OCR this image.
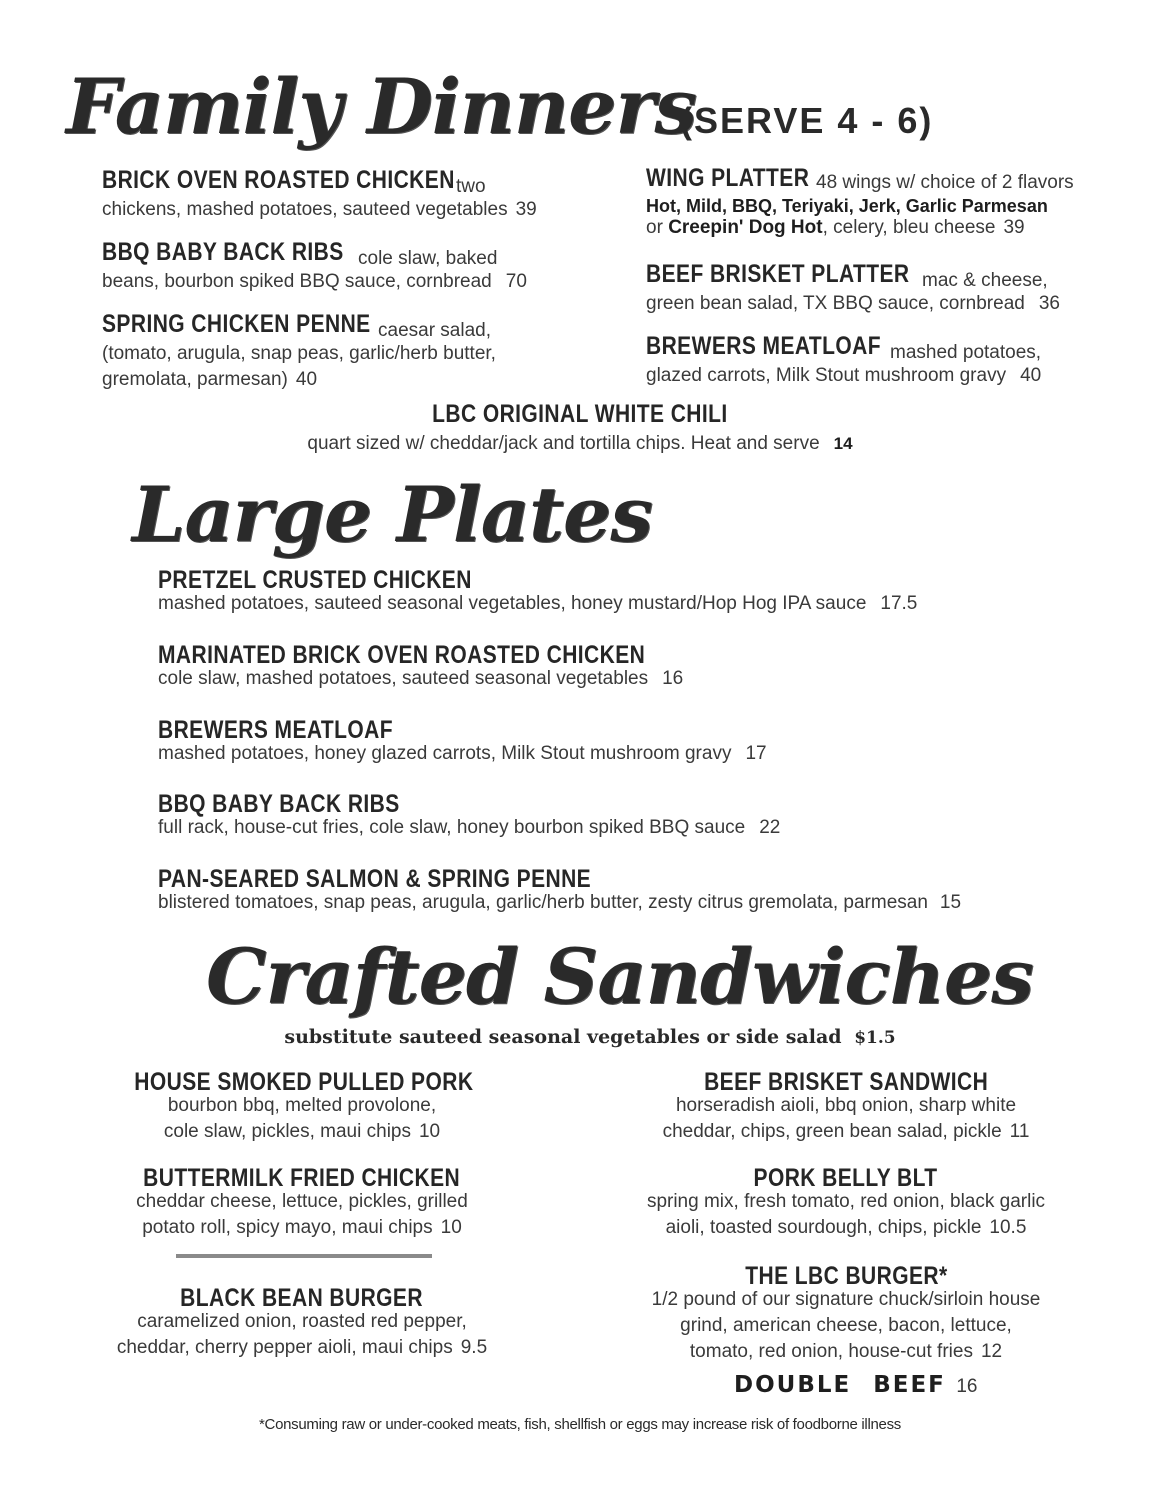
Family Dinners
(SERVE 4 - 6)
BRICK OVEN ROASTED CHICKEN two
chickens, mashed potatoes, sauteed vegetables 39
BBQ BABY BACK RIBS cole slaw, baked
beans, bourbon spiked BBQ sauce, cornbread 70
SPRING CHICKEN PENNE caesar salad,
(tomato, arugula, snap peas, garlic/herb butter,
gremolata, parmesan) 40
WING PLATTER 48 wings w/ choice of 2 flavors
Hot, Mild, BBQ, Teriyaki, Jerk, Garlic Parmesan
or Creepin' Dog Hot, celery, bleu cheese 39
BEEF BRISKET PLATTER mac & cheese,
green bean salad, TX BBQ sauce, cornbread 36
BREWERS MEATLOAF mashed potatoes,
glazed carrots, Milk Stout mushroom gravy 40
LBC ORIGINAL WHITE CHILI
quart sized w/ cheddar/jack and tortilla chips. Heat and serve 14
Large Plates
PRETZEL CRUSTED CHICKEN
mashed potatoes, sauteed seasonal vegetables, honey mustard/Hop Hog IPA sauce 17.5
MARINATED BRICK OVEN ROASTED CHICKEN
cole slaw, mashed potatoes, sauteed seasonal vegetables 16
BREWERS MEATLOAF
mashed potatoes, honey glazed carrots, Milk Stout mushroom gravy 17
BBQ BABY BACK RIBS
full rack, house-cut fries, cole slaw, honey bourbon spiked BBQ sauce 22
PAN-SEARED SALMON & SPRING PENNE
blistered tomatoes, snap peas, arugula, garlic/herb butter, zesty citrus gremolata, parmesan 15
Crafted Sandwiches
substitute sauteed seasonal vegetables or side salad $1.5
HOUSE SMOKED PULLED PORK
bourbon bbq, melted provolone,
cole slaw, pickles, maui chips 10
BUTTERMILK FRIED CHICKEN
cheddar cheese, lettuce, pickles, grilled
potato roll, spicy mayo, maui chips 10
BLACK BEAN BURGER
caramelized onion, roasted red pepper,
cheddar, cherry pepper aioli, maui chips 9.5
BEEF BRISKET SANDWICH
horseradish aioli, bbq onion, sharp white
cheddar, chips, green bean salad, pickle 11
PORK BELLY BLT
spring mix, fresh tomato, red onion, black garlic
aioli, toasted sourdough, chips, pickle 10.5
THE LBC BURGER*
1/2 pound of our signature chuck/sirloin house
grind, american cheese, bacon, lettuce,
tomato, red onion, house-cut fries 12
DOUBLE BEEF 16
*Consuming raw or under-cooked meats, fish, shellfish or eggs may increase risk of foodborne illness
